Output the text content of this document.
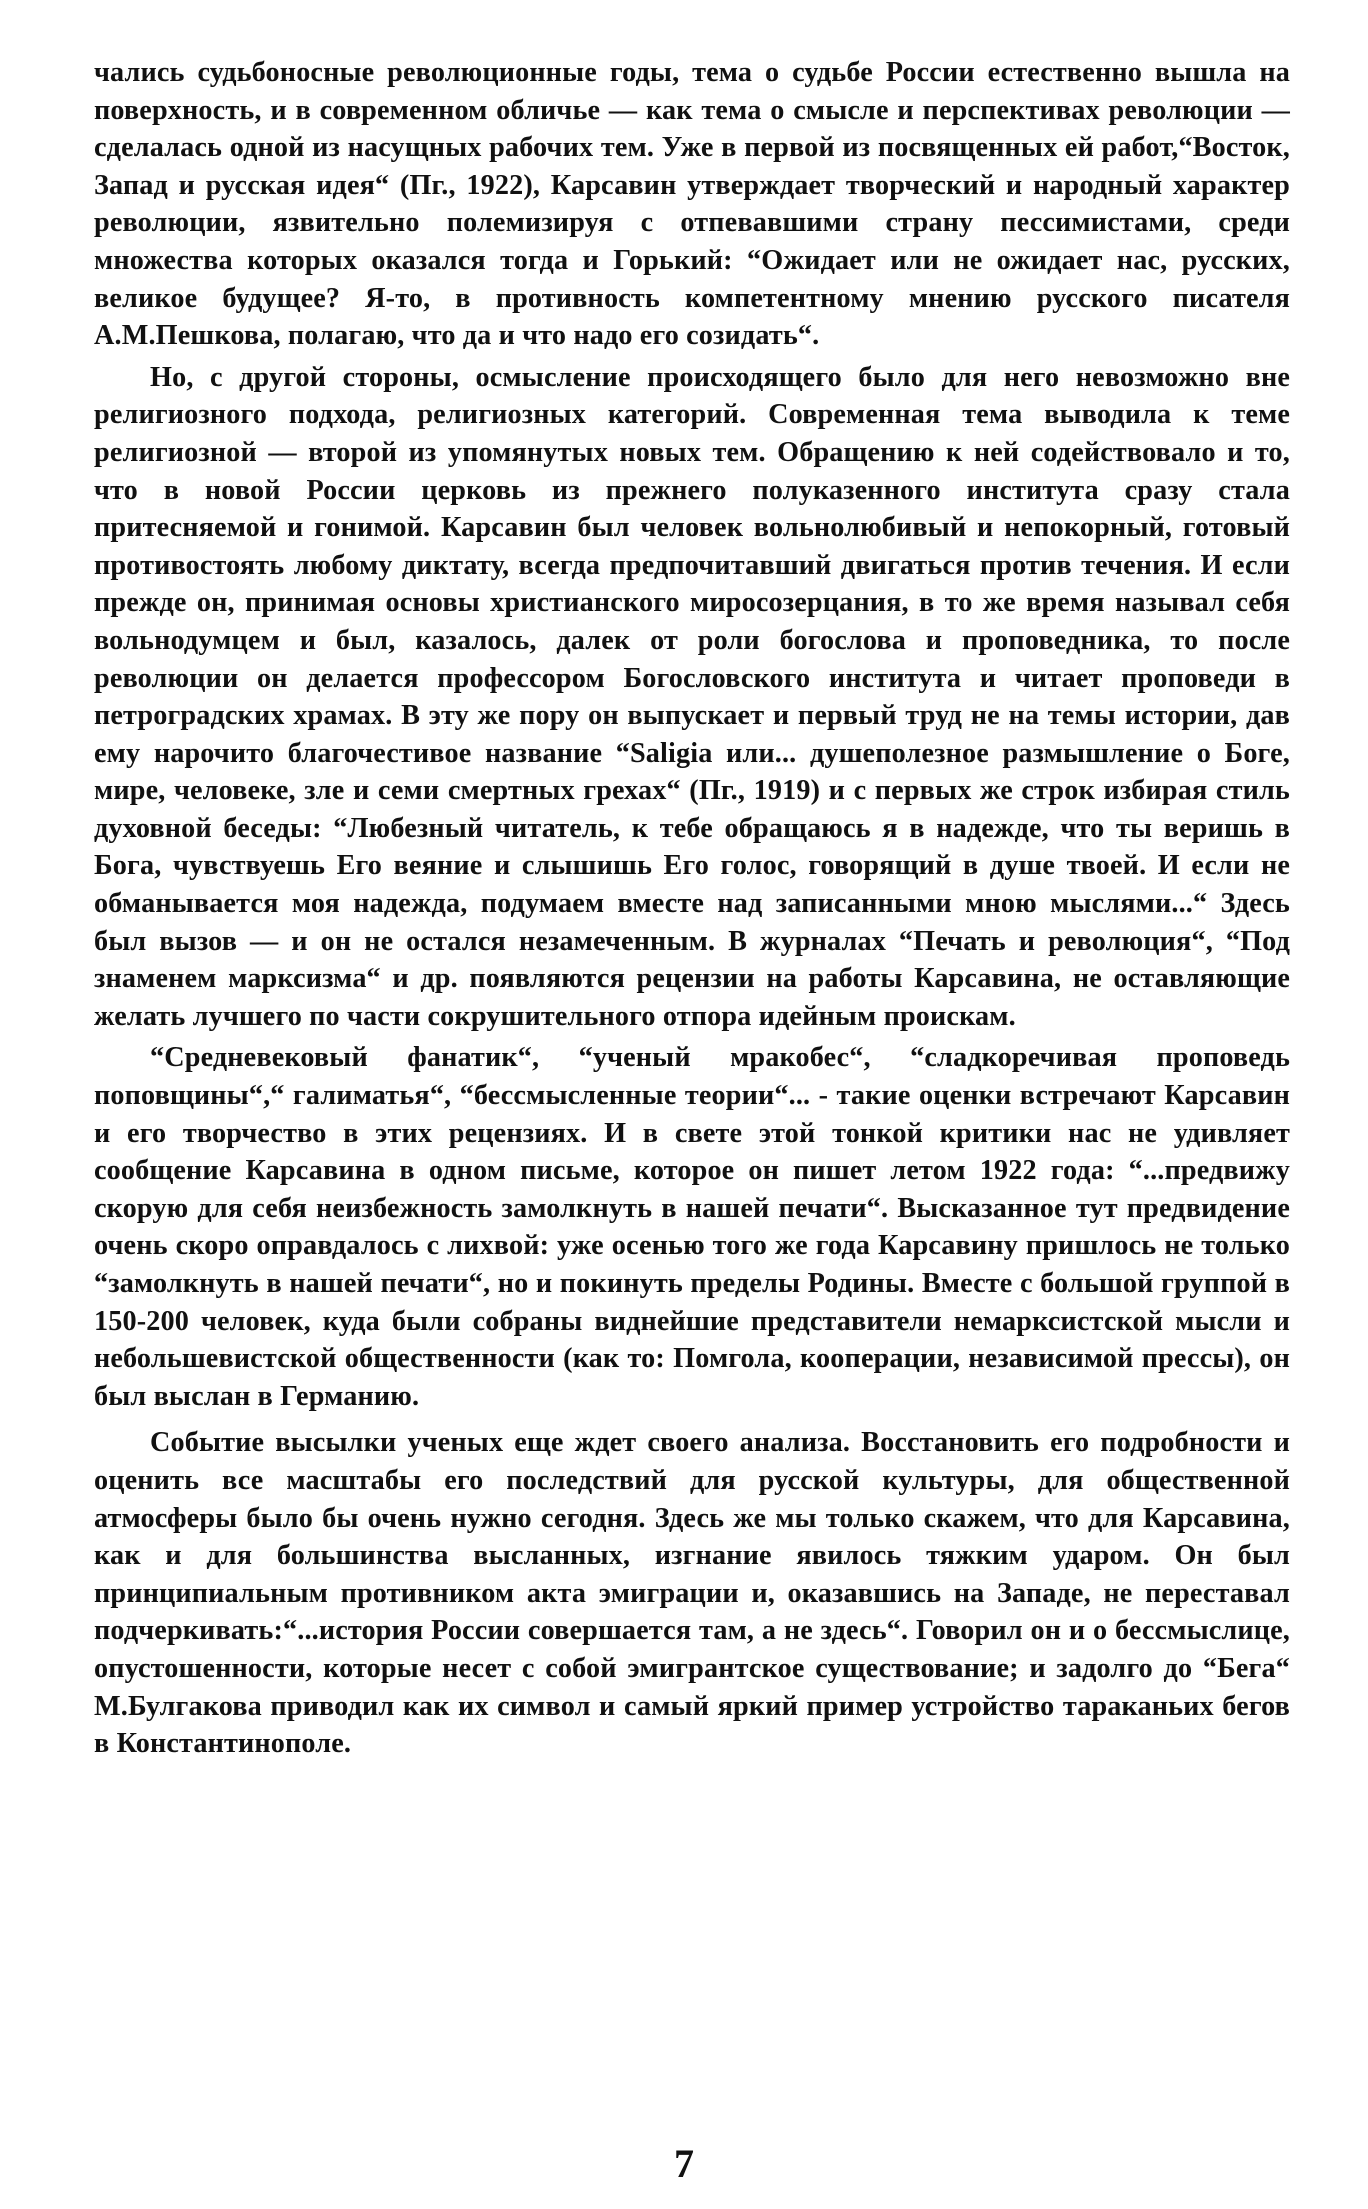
чались судьбоносные революционные годы, тема о судьбе России естественно вышла на поверхность, и в современном обличье — как тема о смысле и перспективах революции — сделалась одной из насущных рабочих тем. Уже в первой из посвященных ей работ,“Восток, Запад и русская идея“ (Пг., 1922), Карсавин утверждает творческий и народный характер революции, язвительно полемизируя с отпевавшими страну пессимистами, среди множества которых оказался тогда и Горький: “Ожидает или не ожидает нас, русских, великое будущее? Я-то, в противность компетентному мнению русского писателя А.М.Пешкова, полагаю, что да и что надо его созидать“.

Но, с другой стороны, осмысление происходящего было для него невозможно вне религиозного подхода, религиозных категорий. Современная тема выводила к теме религиозной — второй из упомянутых новых тем. Обращению к ней содействовало и то, что в новой России церковь из прежнего полуказенного института сразу стала притесняемой и гонимой. Карсавин был человек вольнолюбивый и непокорный, готовый противостоять любому диктату, всегда предпочитавший двигаться против течения. И если прежде он, принимая основы христианского миросозерцания, в то же время называл себя вольнодумцем и был, казалось, далек от роли богослова и проповедника, то после революции он делается профессором Богословского института и читает проповеди в петроградских храмах. В эту же пору он выпускает и первый труд не на темы истории, дав ему нарочито благочестивое название “Saligia или... душеполезное размышление о Боге, мире, человеке, зле и семи смертных грехах“ (Пг., 1919) и с первых же строк избирая стиль духовной беседы: “Любезный читатель, к тебе обращаюсь я в надежде, что ты веришь в Бога, чувствуешь Его веяние и слышишь Его голос, говорящий в душе твоей. И если не обманывается моя надежда, подумаем вместе над записанными мною мыслями...“ Здесь был вызов — и он не остался незамеченным. В журналах “Печать и революция“, “Под знаменем марксизма“ и др. появляются рецензии на работы Карсавина, не оставляющие желать лучшего по части сокрушительного отпора идейным проискам.

“Средневековый фанатик“, “ученый мракобес“, “сладкоречивая проповедь поповщины“,“ галиматья“, “бессмысленные теории“... - такие оценки встречают Карсавин и его творчество в этих рецензиях. И в свете этой тонкой критики нас не удивляет сообщение Карсавина в одном письме, которое он пишет летом 1922 года: “...предвижу скорую для себя неизбежность замолкнуть в нашей печати“. Высказанное тут предвидение очень скоро оправдалось с лихвой: уже осенью того же года Карсавину пришлось не только “замолкнуть в нашей печати“, но и покинуть пределы Родины. Вместе с большой группой в 150-200 человек, куда были собраны виднейшие представители немарксистской мысли и небольшевистской общественности (как то: Помгола, кооперации, независимой прессы), он был выслан в Германию.

Событие высылки ученых еще ждет своего анализа. Восстановить его подробности и оценить все масштабы его последствий для русской культуры, для общественной атмосферы было бы очень нужно сегодня. Здесь же мы только скажем, что для Карсавина, как и для большинства высланных, изгнание явилось тяжким ударом. Он был принципиальным противником акта эмиграции и, оказавшись на Западе, не переставал подчеркивать:“...история России совершается там, а не здесь“. Говорил он и о бессмыслице, опустошенности, которые несет с собой эмигрантское существование; и задолго до “Бега“ М.Булгакова приводил как их символ и самый яркий пример устройство тараканьих бегов в Константинополе.

7
